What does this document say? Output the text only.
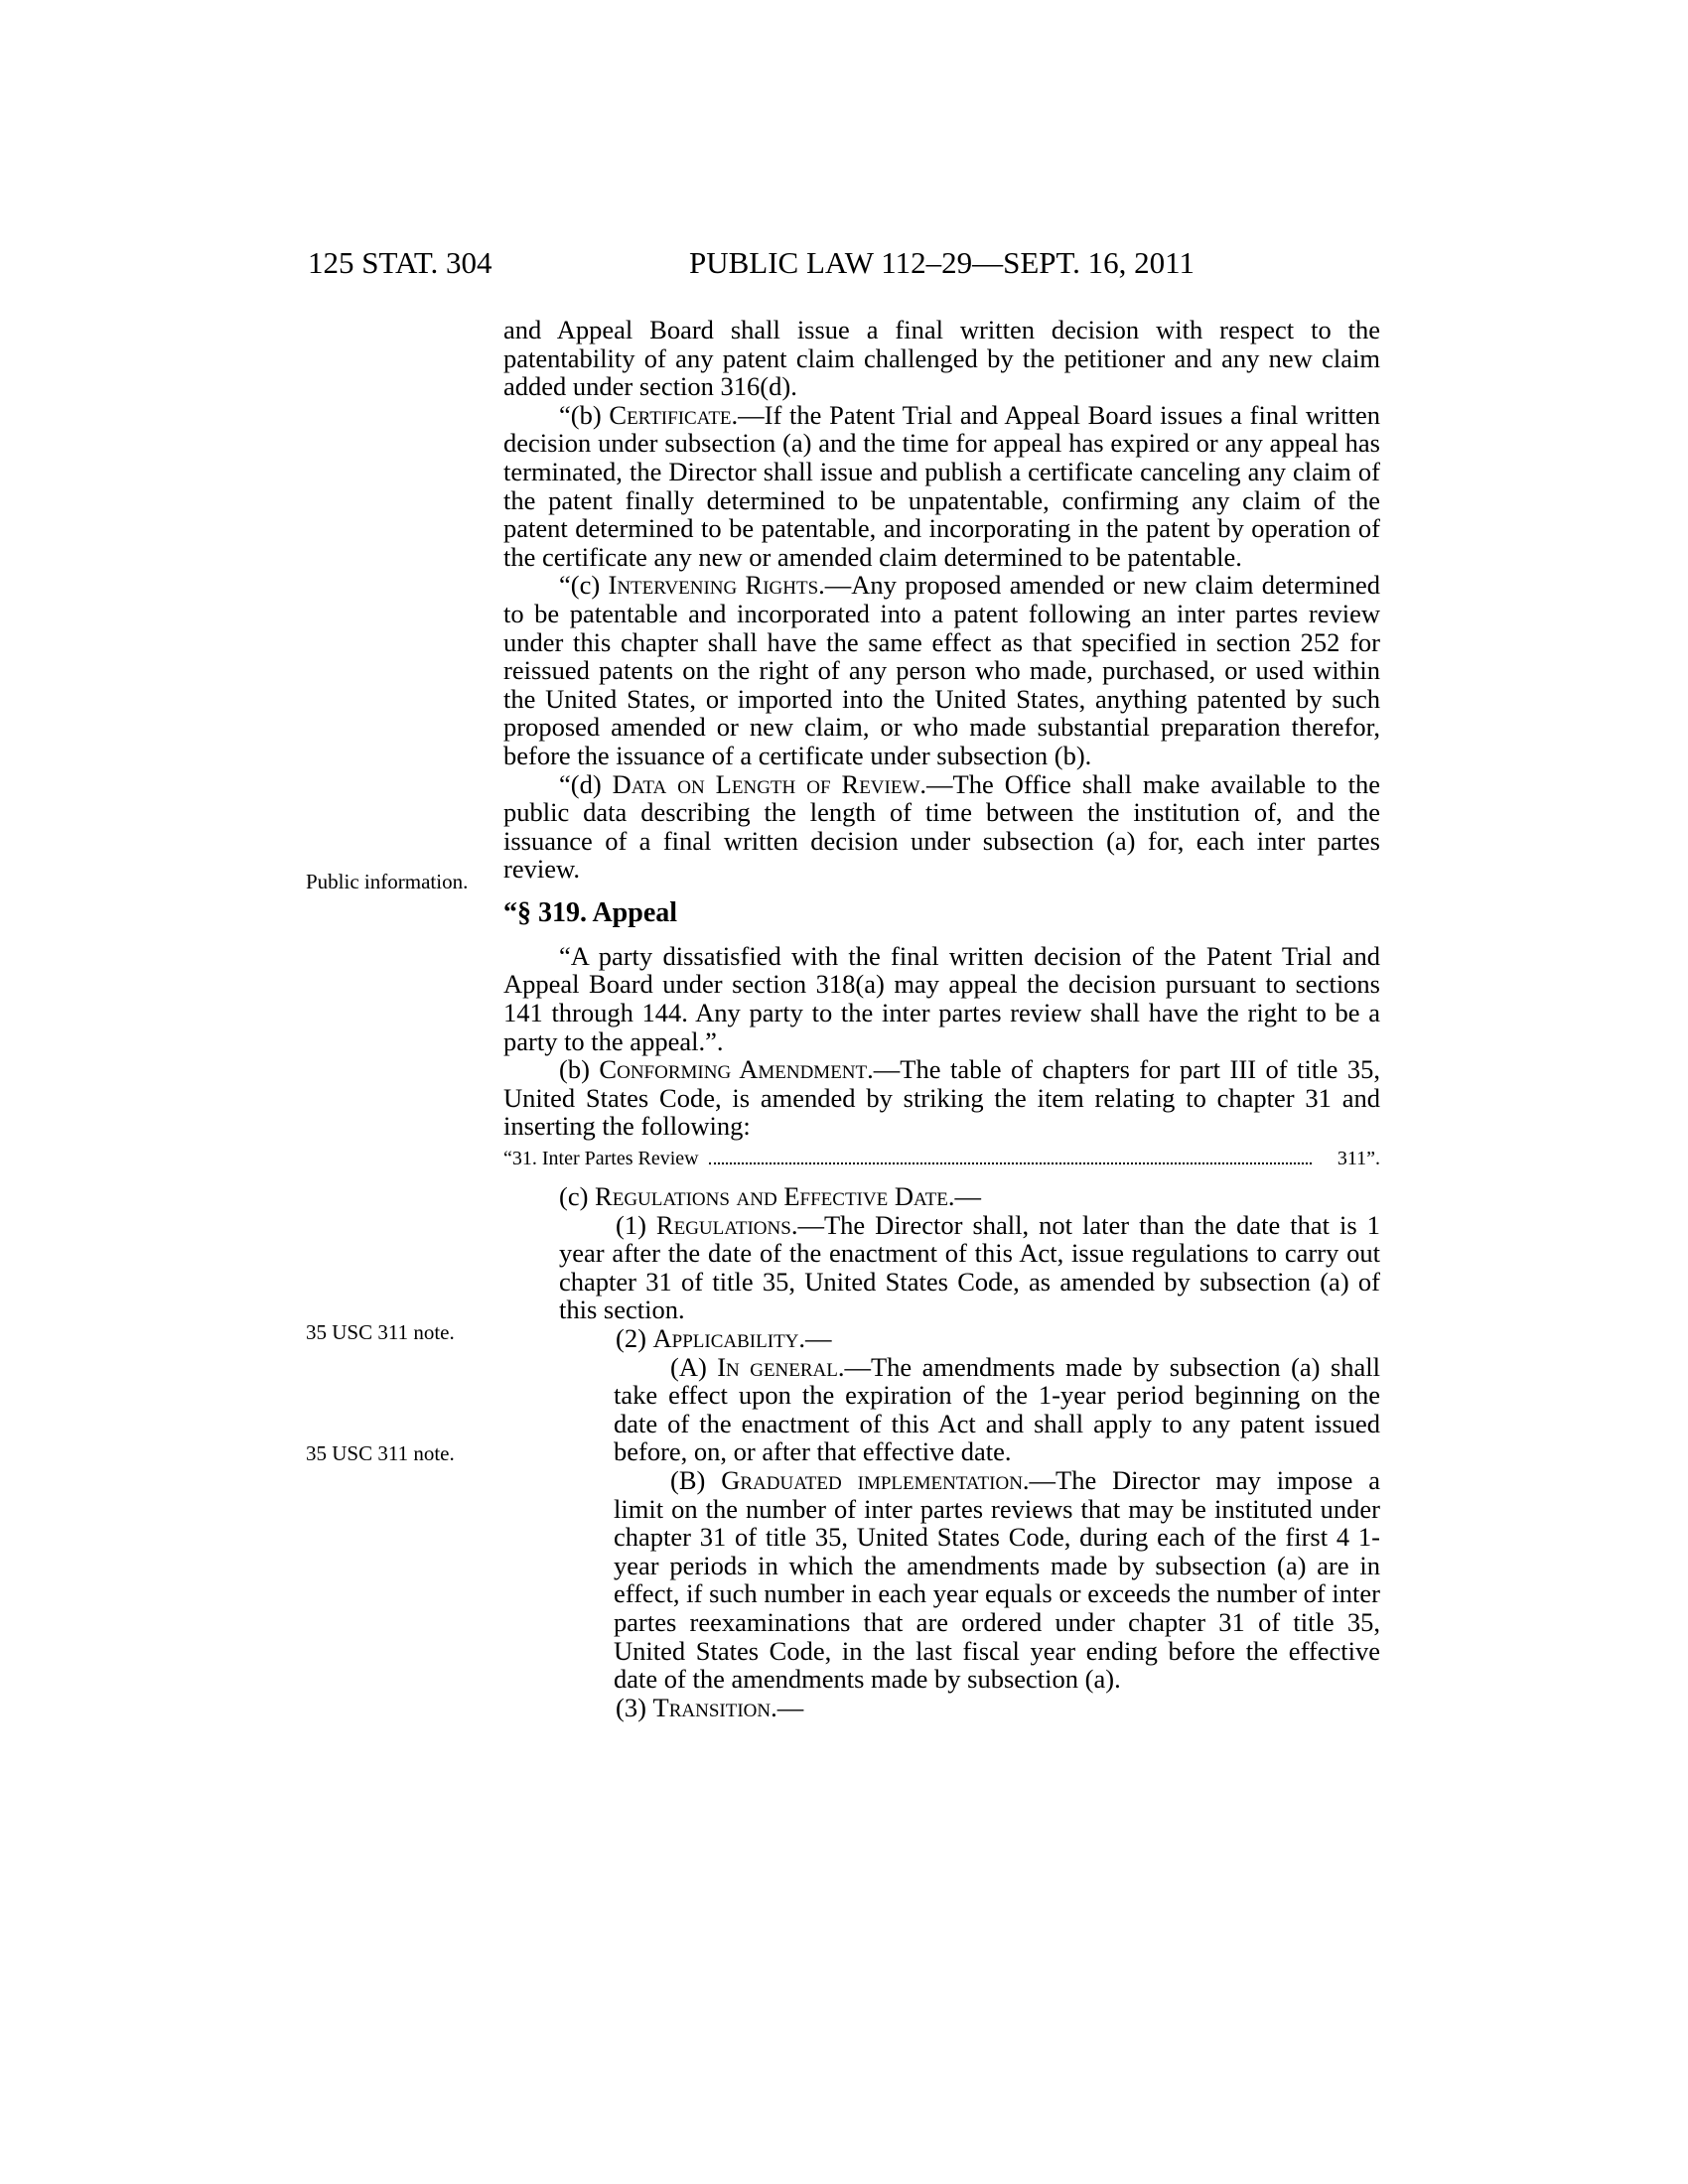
125 STAT. 304	PUBLIC LAW 112–29—SEPT. 16, 2011
Public information.
35 USC 311 note.
35 USC 311 note.

and Appeal Board shall issue a final written decision with respect to the patentability of any patent claim challenged by the petitioner and any new claim added under section 316(d).

“(b) Certificate.—If the Patent Trial and Appeal Board issues a final written decision under subsection (a) and the time for appeal has expired or any appeal has terminated, the Director shall issue and publish a certificate canceling any claim of the patent finally determined to be unpatentable, confirming any claim of the patent determined to be patentable, and incorporating in the patent by operation of the certificate any new or amended claim determined to be patentable.

“(c) Intervening Rights.—Any proposed amended or new claim determined to be patentable and incorporated into a patent following an inter partes review under this chapter shall have the same effect as that specified in section 252 for reissued patents on the right of any person who made, purchased, or used within the United States, or imported into the United States, anything patented by such proposed amended or new claim, or who made substantial preparation therefor, before the issuance of a certificate under subsection (b).

“(d) Data on Length of Review.—The Office shall make available to the public data describing the length of time between the institution of, and the issuance of a final written decision under subsection (a) for, each inter partes review.

“§ 319. Appeal

“A party dissatisfied with the final written decision of the Patent Trial and Appeal Board under section 318(a) may appeal the decision pursuant to sections 141 through 144. Any party to the inter partes review shall have the right to be a party to the appeal.”.

(b) Conforming Amendment.—The table of chapters for part III of title 35, United States Code, is amended by striking the item relating to chapter 31 and inserting the following:

“31. Inter Partes Review	311”.

(c) Regulations and Effective Date.—

(1) Regulations.—The Director shall, not later than the date that is 1 year after the date of the enactment of this Act, issue regulations to carry out chapter 31 of title 35, United States Code, as amended by subsection (a) of this section.

(2) Applicability.—

(A) In general.—The amendments made by subsection (a) shall take effect upon the expiration of the 1-year period beginning on the date of the enactment of this Act and shall apply to any patent issued before, on, or after that effective date.

(B) Graduated implementation.—The Director may impose a limit on the number of inter partes reviews that may be instituted under chapter 31 of title 35, United States Code, during each of the first 4 1-year periods in which the amendments made by subsection (a) are in effect, if such number in each year equals or exceeds the number of inter partes reexaminations that are ordered under chapter 31 of title 35, United States Code, in the last fiscal year ending before the effective date of the amendments made by subsection (a).

(3) Transition.—
